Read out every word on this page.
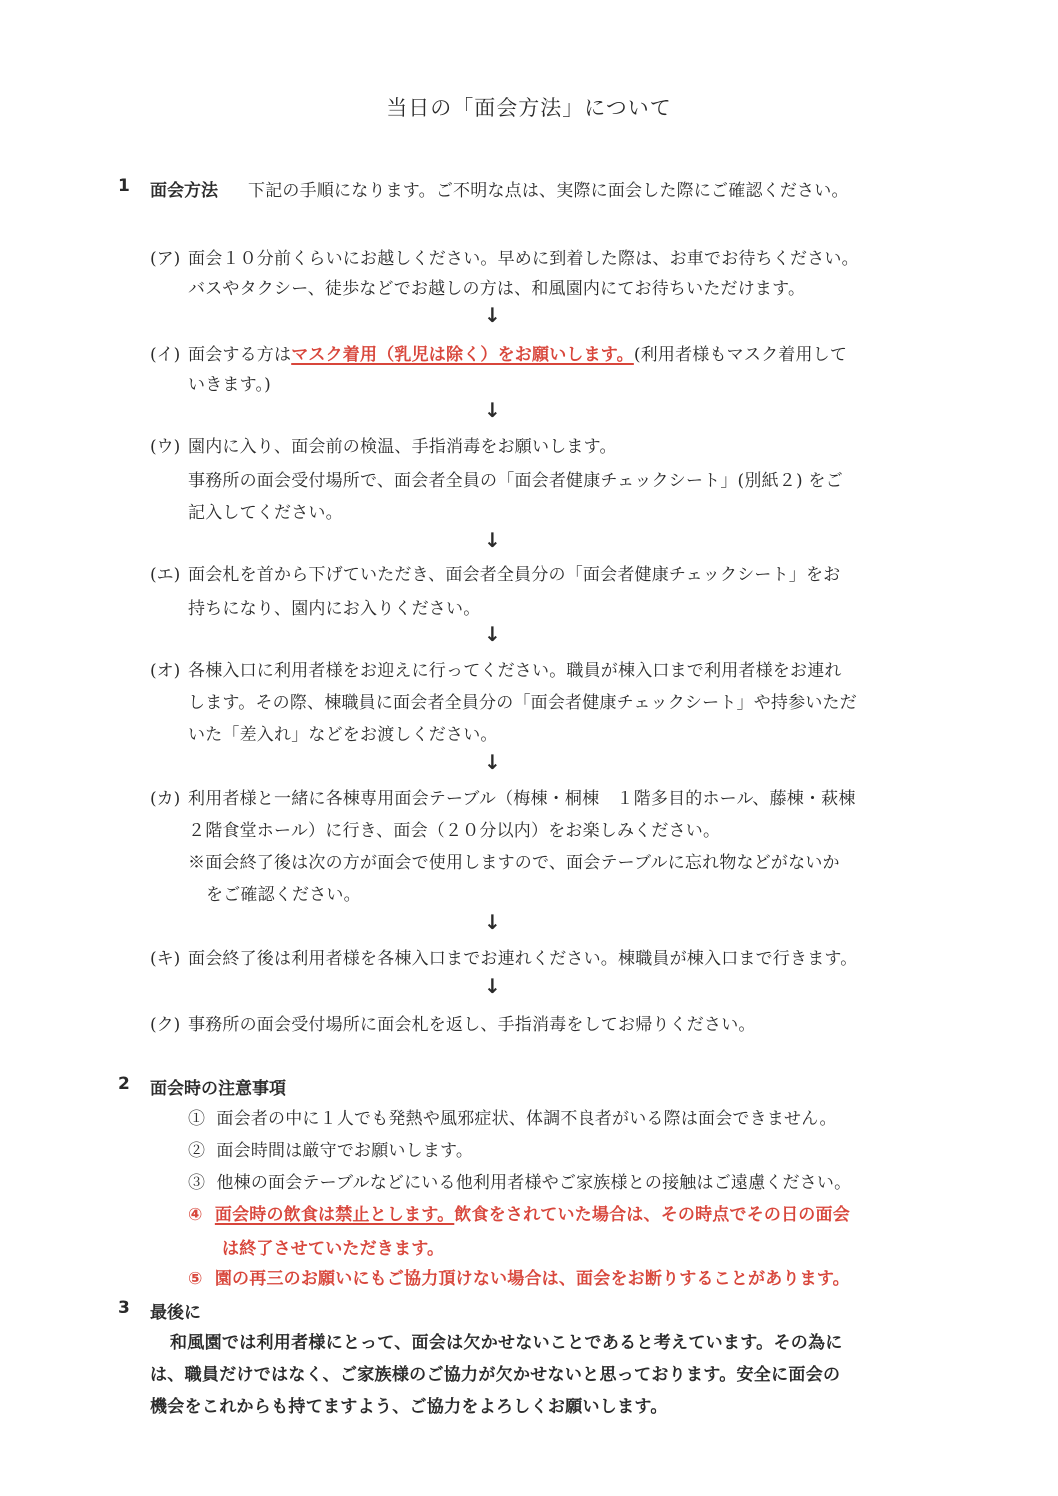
当日の「面会方法」について
1 面会方法 下記の手順になります。ご不明な点は、実際に面会した際にご確認ください。
(ア) 面会１０分前くらいにお越しください。早めに到着した際は、お車でお待ちください。
バスやタクシー、徒歩などでお越しの方は、和風園内にてお待ちいただけます。
↓
(イ) 面会する方はマスク着用（乳児は除く）をお願いします。(利用者様もマスク着用して
いきます。)
↓
(ウ) 園内に入り、面会前の検温、手指消毒をお願いします。
事務所の面会受付場所で、面会者全員の「面会者健康チェックシート」(別紙２) をご
記入してください。
↓
(エ) 面会札を首から下げていただき、面会者全員分の「面会者健康チェックシート」をお
持ちになり、園内にお入りください。
↓
(オ) 各棟入口に利用者様をお迎えに行ってください。職員が棟入口まで利用者様をお連れ
します。その際、棟職員に面会者全員分の「面会者健康チェックシート」や持参いただ
いた「差入れ」などをお渡しください。
↓
(カ) 利用者様と一緒に各棟専用面会テーブル（梅棟・桐棟　１階多目的ホール、藤棟・萩棟
２階食堂ホール）に行き、面会（２０分以内）をお楽しみください。
※面会終了後は次の方が面会で使用しますので、面会テーブルに忘れ物などがないか
をご確認ください。
↓
(キ) 面会終了後は利用者様を各棟入口までお連れください。棟職員が棟入口まで行きます。
↓
(ク) 事務所の面会受付場所に面会札を返し、手指消毒をしてお帰りください。
2 面会時の注意事項
① 面会者の中に１人でも発熱や風邪症状、体調不良者がいる際は面会できません。
② 面会時間は厳守でお願いします。
③ 他棟の面会テーブルなどにいる他利用者様やご家族様との接触はご遠慮ください。
④ 面会時の飲食は禁止とします。飲食をされていた場合は、その時点でその日の面会
は終了させていただきます。
⑤ 園の再三のお願いにもご協力頂けない場合は、面会をお断りすることがあります。
3 最後に
和風園では利用者様にとって、面会は欠かせないことであると考えています。その為に
は、職員だけではなく、ご家族様のご協力が欠かせないと思っております。安全に面会の
機会をこれからも持てますよう、ご協力をよろしくお願いします。
